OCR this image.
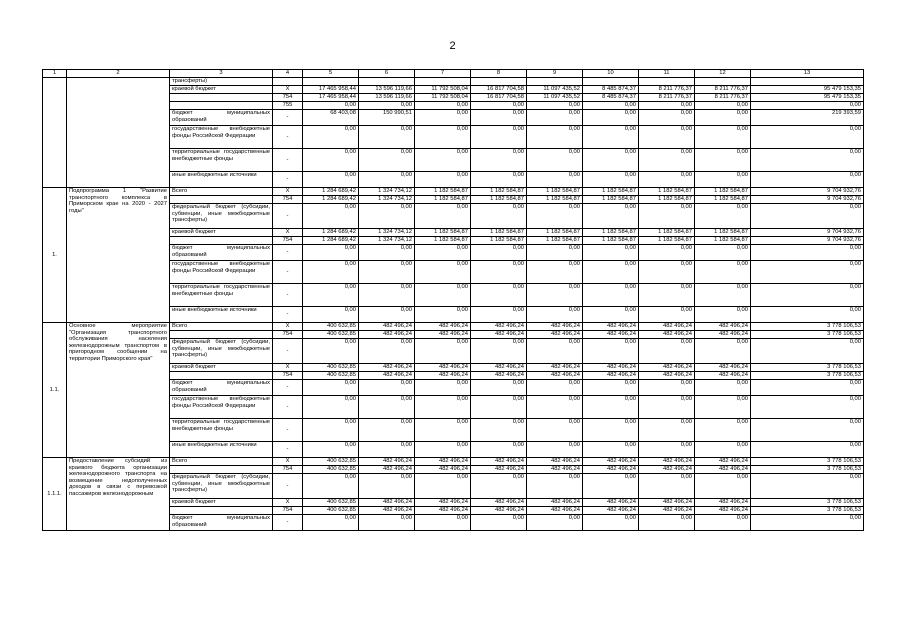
2
1	2	3	4	5	6	7	8	9	10	11	12	13
		трансферты)										
		краевой бюджет	X	17 465 958,44	13 596 119,66	11 792 508,04	16 817 704,58	11 097 435,52	8 485 874,37	8 211 776,37	8 211 776,37	95 479 153,35
			754	17 465 958,44	13 596 119,66	11 792 508,04	16 817 704,58	11 097 435,52	8 485 874,37	8 211 776,37	8 211 776,37	95 479 153,35
			755	0,00	0,00	0,00	0,00	0,00	0,00	0,00	0,00	0,00
		бюджет муниципальных образований	-	68 403,08	150 990,51	0,00	0,00	0,00	0,00	0,00	0,00	219 393,59
		государственные внебюджетные фонды Российской Федерации	-	0,00	0,00	0,00	0,00	0,00	0,00	0,00	0,00	0,00
		территориальные государственные внебюджетные фонды	-	0,00	0,00	0,00	0,00	0,00	0,00	0,00	0,00	0,00
		иные внебюджетные источники	-	0,00	0,00	0,00	0,00	0,00	0,00	0,00	0,00	0,00
1.	Подпрограмма 1 "Развитие транспортного комплекса в Приморском крае на 2020 - 2027 годы"	Всего	X	1 284 689,42	1 324 734,12	1 182 584,87	1 182 584,87	1 182 584,87	1 182 584,87	1 182 584,87	1 182 584,87	9 704 932,76
			754	1 284 689,42	1 324 734,12	1 182 584,87	1 182 584,87	1 182 584,87	1 182 584,87	1 182 584,87	1 182 584,87	9 704 932,76
		федеральный бюджет (субсидии, субвенции, иные межбюджетные трансферты)	-	0,00	0,00	0,00	0,00	0,00	0,00	0,00	0,00	0,00
		краевой бюджет	X	1 284 689,42	1 324 734,12	1 182 584,87	1 182 584,87	1 182 584,87	1 182 584,87	1 182 584,87	1 182 584,87	9 704 932,76
			754	1 284 689,42	1 324 734,12	1 182 584,87	1 182 584,87	1 182 584,87	1 182 584,87	1 182 584,87	1 182 584,87	9 704 932,76
		бюджет муниципальных образований	-	0,00	0,00	0,00	0,00	0,00	0,00	0,00	0,00	0,00
		государственные внебюджетные фонды Российской Федерации	-	0,00	0,00	0,00	0,00	0,00	0,00	0,00	0,00	0,00
		территориальные государственные внебюджетные фонды	-	0,00	0,00	0,00	0,00	0,00	0,00	0,00	0,00	0,00
		иные внебюджетные источники	-	0,00	0,00	0,00	0,00	0,00	0,00	0,00	0,00	0,00
1.1.	Основное мероприятие "Организация транспортного обслуживания населения железнодорожным транспортом в пригородном сообщении на территории Приморского края"	Всего	X	400 632,85	482 496,24	482 496,24	482 496,24	482 496,24	482 496,24	482 496,24	482 496,24	3 778 106,53
			754	400 632,85	482 496,24	482 496,24	482 496,24	482 496,24	482 496,24	482 496,24	482 496,24	3 778 106,53
		федеральный бюджет (субсидии, субвенции, иные межбюджетные трансферты)	-	0,00	0,00	0,00	0,00	0,00	0,00	0,00	0,00	0,00
		краевой бюджет	X	400 632,85	482 496,24	482 496,24	482 496,24	482 496,24	482 496,24	482 496,24	482 496,24	3 778 106,53
			754	400 632,85	482 496,24	482 496,24	482 496,24	482 496,24	482 496,24	482 496,24	482 496,24	3 778 106,53
		бюджет муниципальных образований	-	0,00	0,00	0,00	0,00	0,00	0,00	0,00	0,00	0,00
		государственные внебюджетные фонды Российской Федерации	-	0,00	0,00	0,00	0,00	0,00	0,00	0,00	0,00	0,00
		территориальные государственные внебюджетные фонды	-	0,00	0,00	0,00	0,00	0,00	0,00	0,00	0,00	0,00
		иные внебюджетные источники	-	0,00	0,00	0,00	0,00	0,00	0,00	0,00	0,00	0,00
1.1.1.	Предоставление субсидий из краевого бюджета организации железнодорожного транспорта на возмещение недополученных доходов в связи с перевозкой пассажиров железнодорожным	Всего	X	400 632,85	482 496,24	482 496,24	482 496,24	482 496,24	482 496,24	482 496,24	482 496,24	3 778 106,53
			754	400 632,85	482 496,24	482 496,24	482 496,24	482 496,24	482 496,24	482 496,24	482 496,24	3 778 106,53
		федеральный бюджет (субсидии, субвенции, иные межбюджетные трансферты)	-	0,00	0,00	0,00	0,00	0,00	0,00	0,00	0,00	0,00
		краевой бюджет	X	400 632,85	482 496,24	482 496,24	482 496,24	482 496,24	482 496,24	482 496,24	482 496,24	3 778 106,53
			754	400 632,85	482 496,24	482 496,24	482 496,24	482 496,24	482 496,24	482 496,24	482 496,24	3 778 106,53
		бюджет муниципальных образований	-	0,00	0,00	0,00	0,00	0,00	0,00	0,00	0,00	0,00
